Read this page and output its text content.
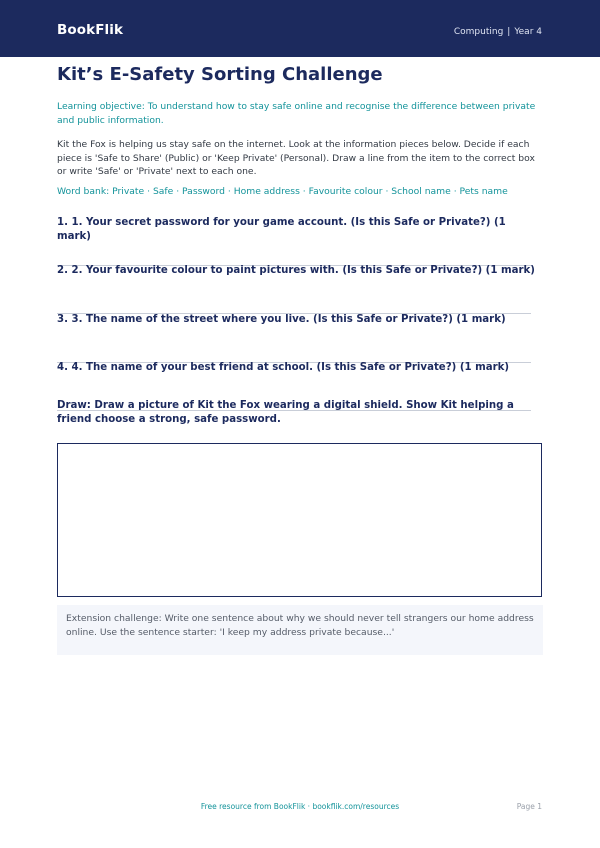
BookFlik	Computing | Year 4
Kit’s E-Safety Sorting Challenge

Learning objective: To understand how to stay safe online and recognise the difference between private and public information.

Kit the Fox is helping us stay safe on the internet. Look at the information pieces below. Decide if each piece is 'Safe to Share' (Public) or 'Keep Private' (Personal). Draw a line from the item to the correct box or write 'Safe' or 'Private' next to each one.

Word bank: Private · Safe · Password · Home address · Favourite colour · School name · Pets name

1. 1. Your secret password for your game account. (Is this Safe or Private?) (1 mark)

2. 2. Your favourite colour to paint pictures with. (Is this Safe or Private?) (1 mark)

3. 3. The name of the street where you live. (Is this Safe or Private?) (1 mark)

4. 4. The name of your best friend at school. (Is this Safe or Private?) (1 mark)

Draw: Draw a picture of Kit the Fox wearing a digital shield. Show Kit helping a friend choose a strong, safe password.

Extension challenge: Write one sentence about why we should never tell strangers our home address online. Use the sentence starter: 'I keep my address private because...'
Free resource from BookFlik · bookflik.com/resources	Page 1
